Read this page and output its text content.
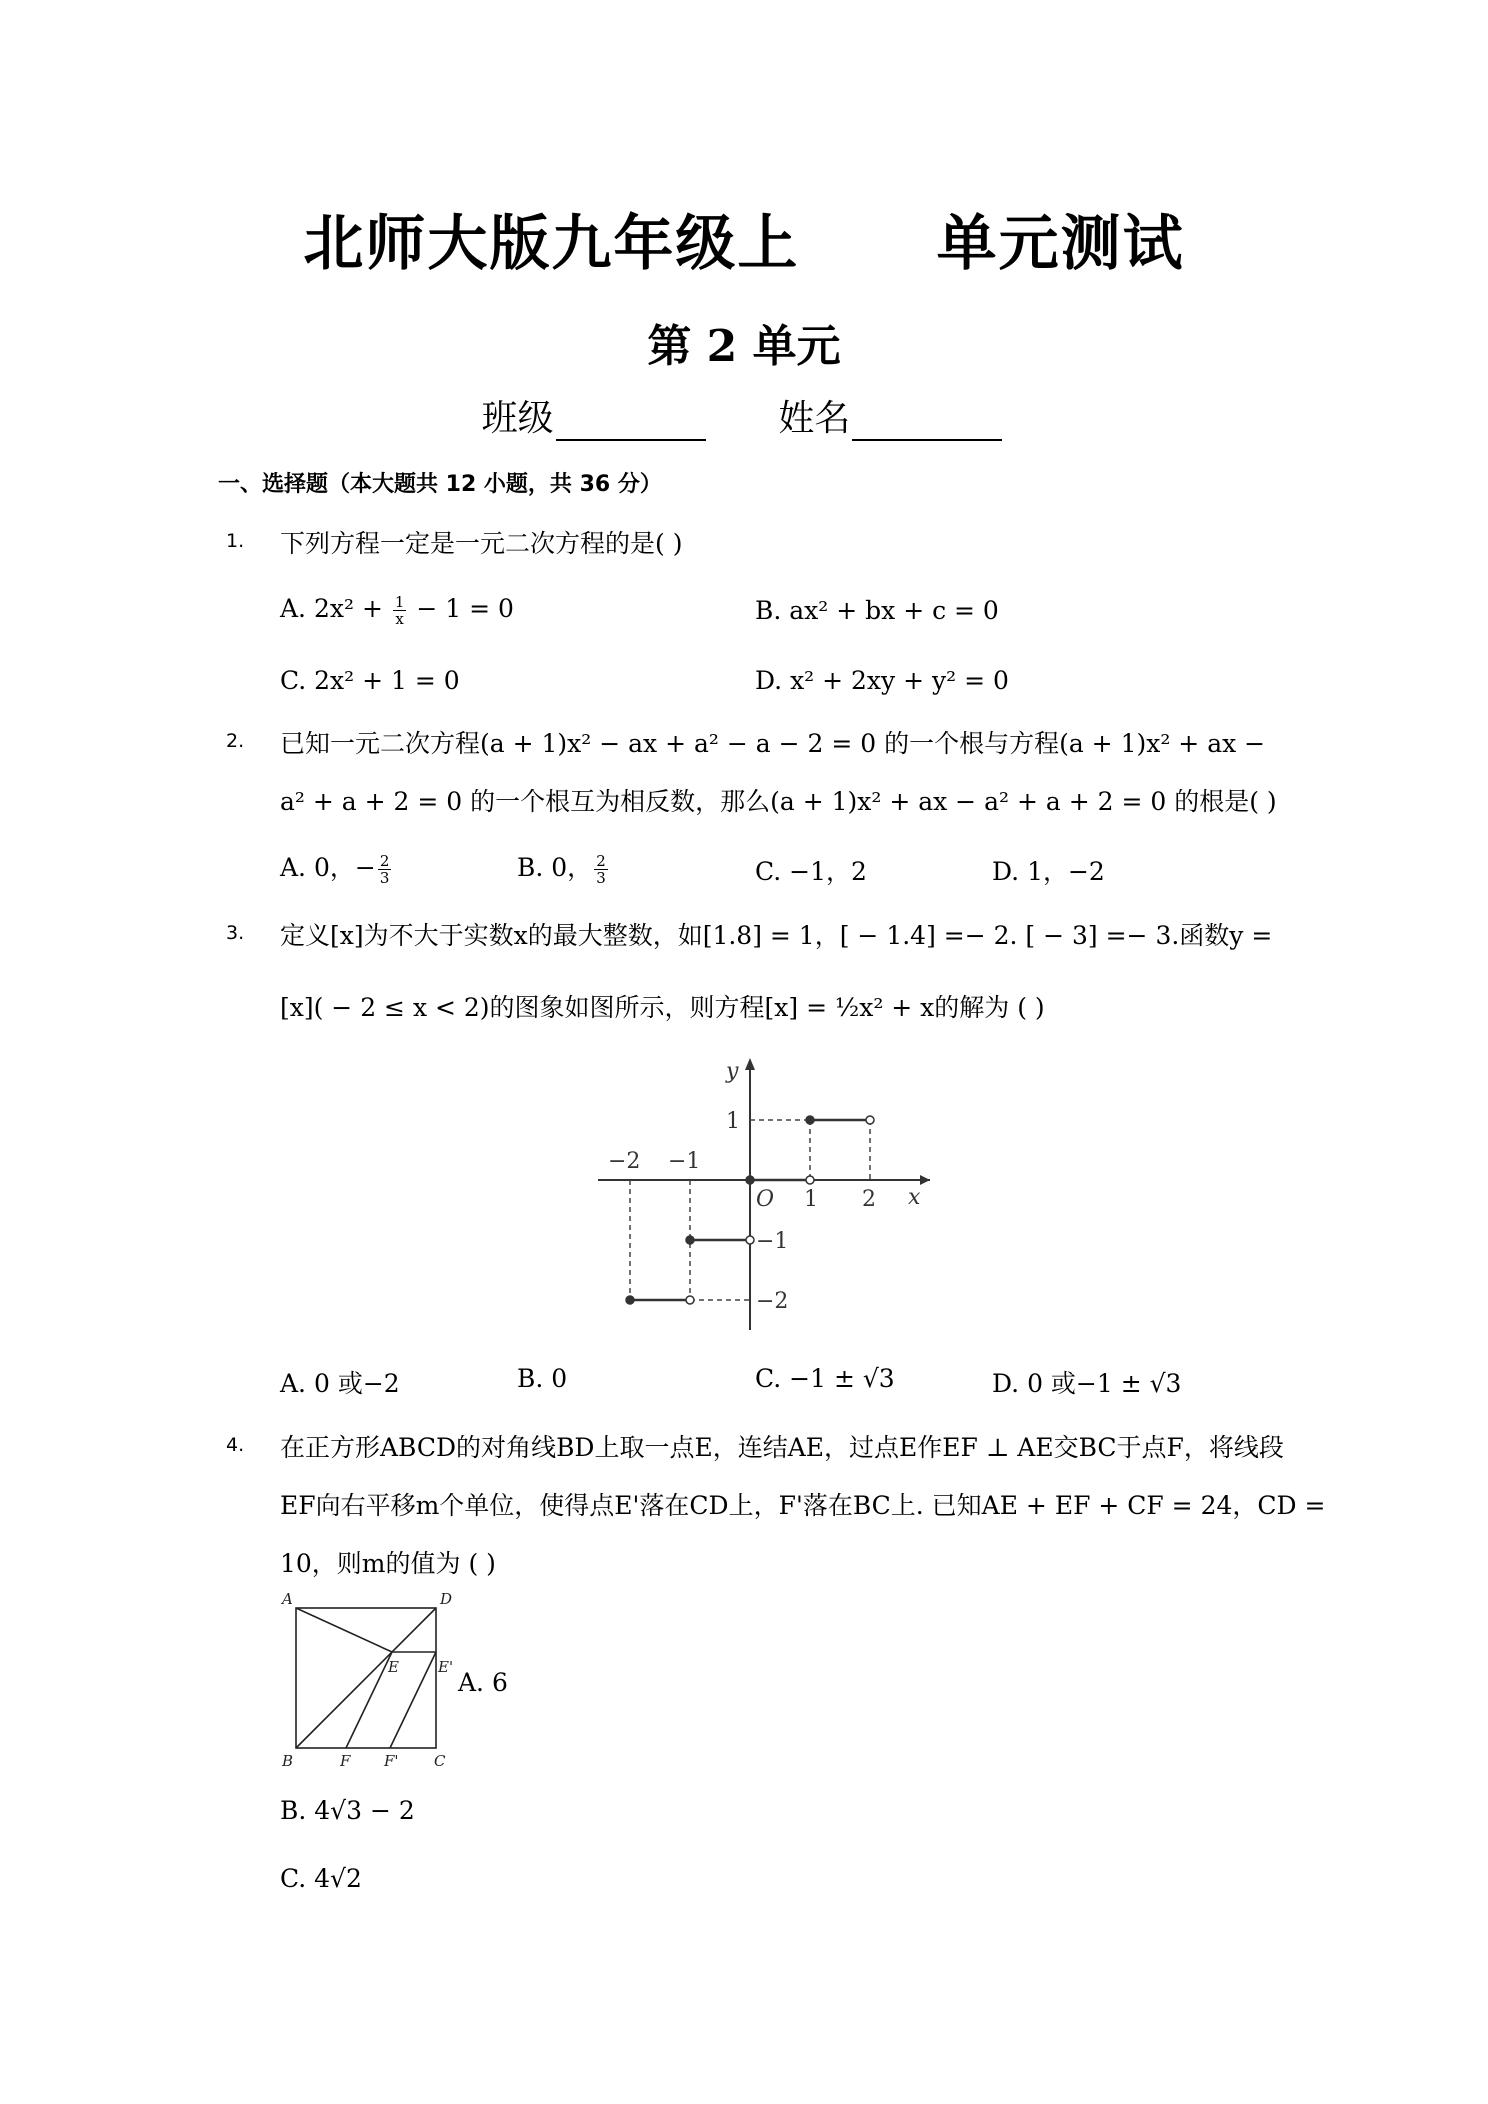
北师大版九年级上      单元测试
第 2 单元
班级	姓名
一、选择题（本大题共 12 小题，共 36 分）
1. 下列方程一定是一元二次方程的是( )
A. $2x^2 + \frac{1}{x} - 1 = 0$	B. ax² + bx + c = 0
C. 2x² + 1 = 0	D. x² + 2xy + y² = 0
2. 已知一元二次方程(a + 1)x² − ax + a² − a − 2 = 0 的一个根与方程(a + 1)x² + ax −
a² + a + 2 = 0 的一个根互为相反数，那么(a + 1)x² + ax − a² + a + 2 = 0 的根是( )
A. 0，− $\frac{2}{3}$	B. 0， $\frac{2}{3}$	C. −1，2	D. 1，−2
3. 定义[x]为不大于实数x的最大整数，如[1.8] = 1，[ − 1.4] =− 2. [ − 3] =− 3.函数y =
[x]( − 2 ≤ x < 2)的图象如图所示，则方程[x] = ½x² + x的解为 ( )
y
x
O
−2 −1
1 2
1
−1
−2
A. 0 或−2	B. 0	C. −1 ± √3	D. 0 或−1 ± √3
4. 在正方形ABCD的对角线BD上取一点E，连结AE，过点E作EF ⊥ AE交BC于点F，将线段
EF向右平移m个单位，使得点E'落在CD上，F'落在BC上. 已知AE + EF + CF = 24，CD =
10，则m的值为 ( )
A	D
E	E'
B	F F' C
A. 6
B. 4√3 − 2
C. 4√2
